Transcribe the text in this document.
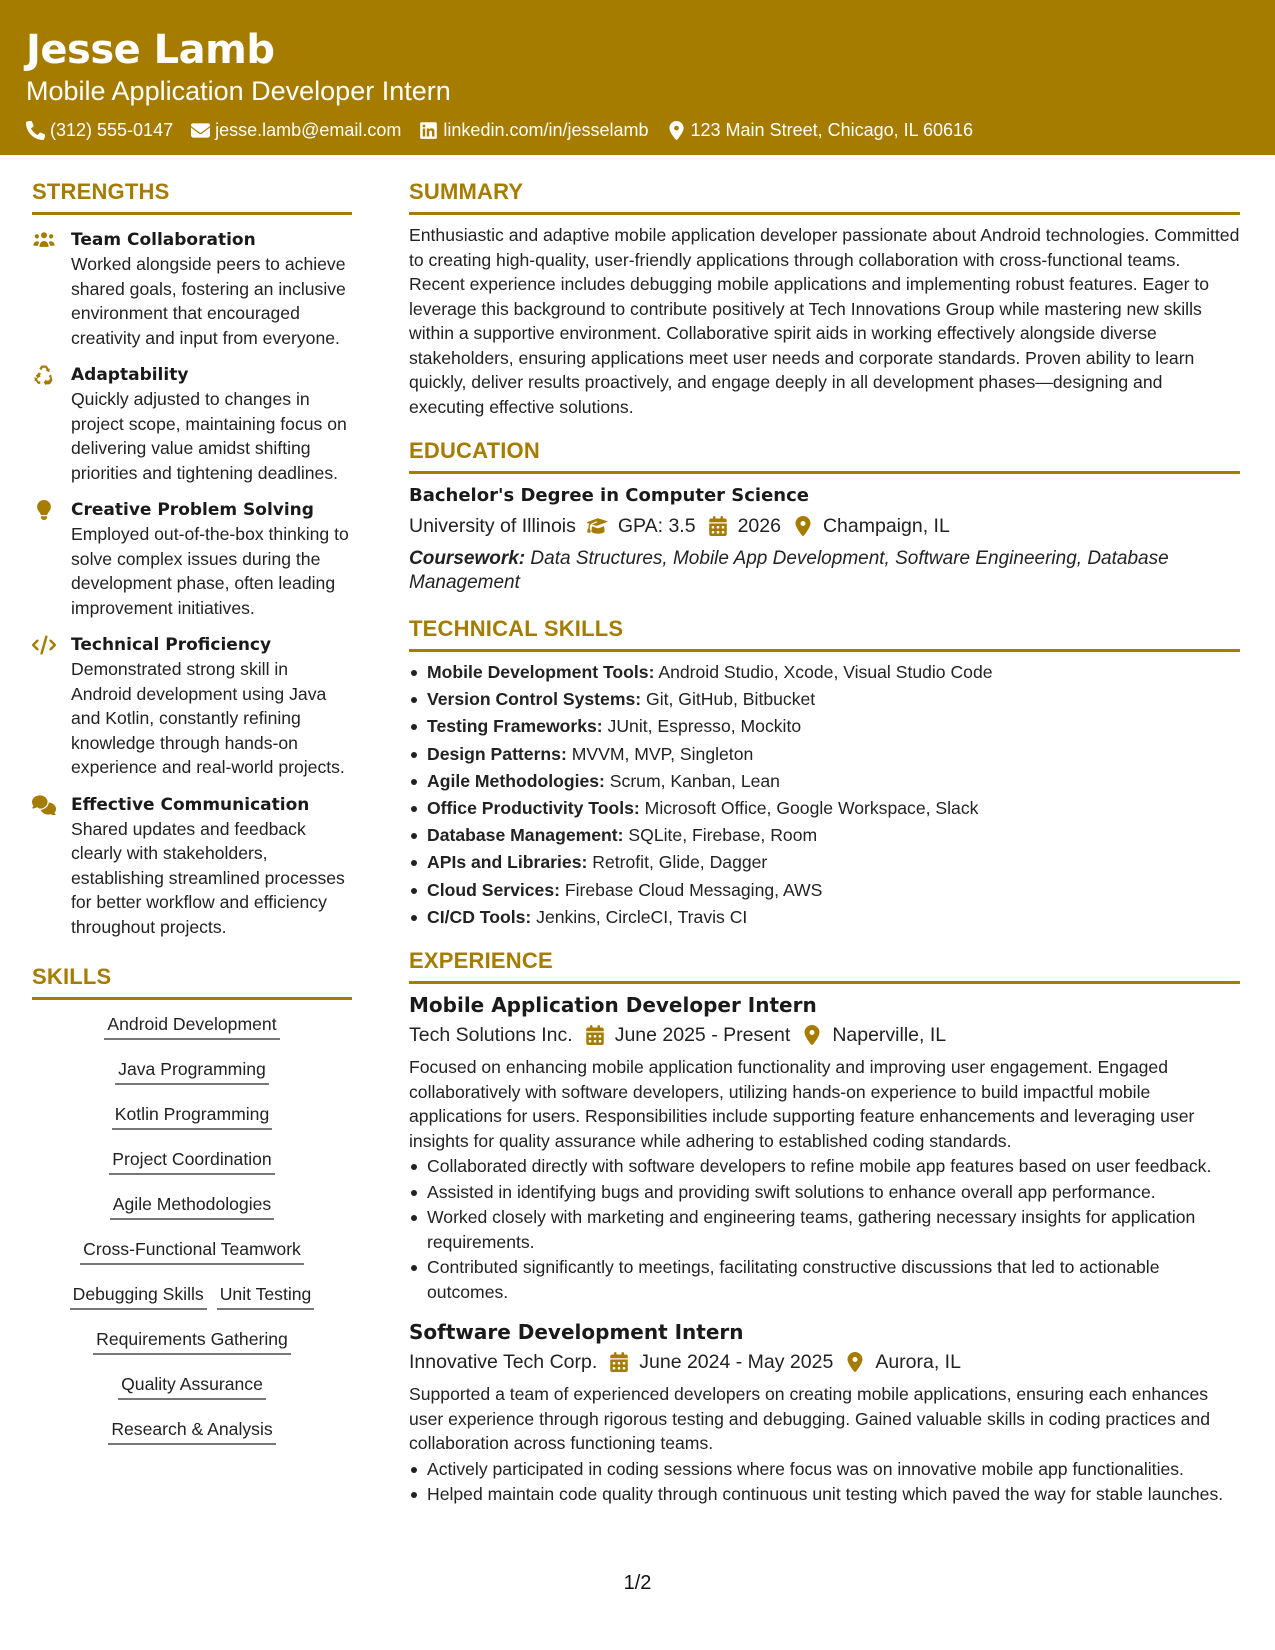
Jesse Lamb
Mobile Application Developer Intern
(312) 555-0147 jesse.lamb@email.com linkedin.com/in/jesselamb 123 Main Street, Chicago, IL 60616
STRENGTHS
Team Collaboration
Worked alongside peers to achieve shared goals, fostering an inclusive environment that encouraged creativity and input from everyone.
Adaptability
Quickly adjusted to changes in project scope, maintaining focus on delivering value amidst shifting priorities and tightening deadlines.
Creative Problem Solving
Employed out-of-the-box thinking to solve complex issues during the development phase, often leading improvement initiatives.
Technical Proficiency
Demonstrated strong skill in Android development using Java and Kotlin, constantly refining knowledge through hands-on experience and real-world projects.
Effective Communication
Shared updates and feedback clearly with stakeholders, establishing streamlined processes for better workflow and efficiency throughout projects.
SKILLS
Android Development
Java Programming
Kotlin Programming
Project Coordination
Agile Methodologies
Cross-Functional Teamwork
Debugging Skills Unit Testing
Requirements Gathering
Quality Assurance
Research & Analysis
SUMMARY
Enthusiastic and adaptive mobile application developer passionate about Android technologies. Committed to creating high-quality, user-friendly applications through collaboration with cross-functional teams. Recent experience includes debugging mobile applications and implementing robust features. Eager to leverage this background to contribute positively at Tech Innovations Group while mastering new skills within a supportive environment. Collaborative spirit aids in working effectively alongside diverse stakeholders, ensuring applications meet user needs and corporate standards. Proven ability to learn quickly, deliver results proactively, and engage deeply in all development phases—designing and executing effective solutions.
EDUCATION
Bachelor's Degree in Computer Science
University of Illinois GPA: 3.5 2026 Champaign, IL
Coursework: Data Structures, Mobile App Development, Software Engineering, Database Management
TECHNICAL SKILLS
Mobile Development Tools: Android Studio, Xcode, Visual Studio Code
Version Control Systems: Git, GitHub, Bitbucket
Testing Frameworks: JUnit, Espresso, Mockito
Design Patterns: MVVM, MVP, Singleton
Agile Methodologies: Scrum, Kanban, Lean
Office Productivity Tools: Microsoft Office, Google Workspace, Slack
Database Management: SQLite, Firebase, Room
APIs and Libraries: Retrofit, Glide, Dagger
Cloud Services: Firebase Cloud Messaging, AWS
CI/CD Tools: Jenkins, CircleCI, Travis CI
EXPERIENCE
Mobile Application Developer Intern
Tech Solutions Inc. June 2025 - Present Naperville, IL
Focused on enhancing mobile application functionality and improving user engagement. Engaged collaboratively with software developers, utilizing hands-on experience to build impactful mobile applications for users. Responsibilities include supporting feature enhancements and leveraging user insights for quality assurance while adhering to established coding standards.
Collaborated directly with software developers to refine mobile app features based on user feedback.
Assisted in identifying bugs and providing swift solutions to enhance overall app performance.
Worked closely with marketing and engineering teams, gathering necessary insights for application requirements.
Contributed significantly to meetings, facilitating constructive discussions that led to actionable outcomes.
Software Development Intern
Innovative Tech Corp. June 2024 - May 2025 Aurora, IL
Supported a team of experienced developers on creating mobile applications, ensuring each enhances user experience through rigorous testing and debugging. Gained valuable skills in coding practices and collaboration across functioning teams.
Actively participated in coding sessions where focus was on innovative mobile app functionalities.
Helped maintain code quality through continuous unit testing which paved the way for stable launches.
1/2
